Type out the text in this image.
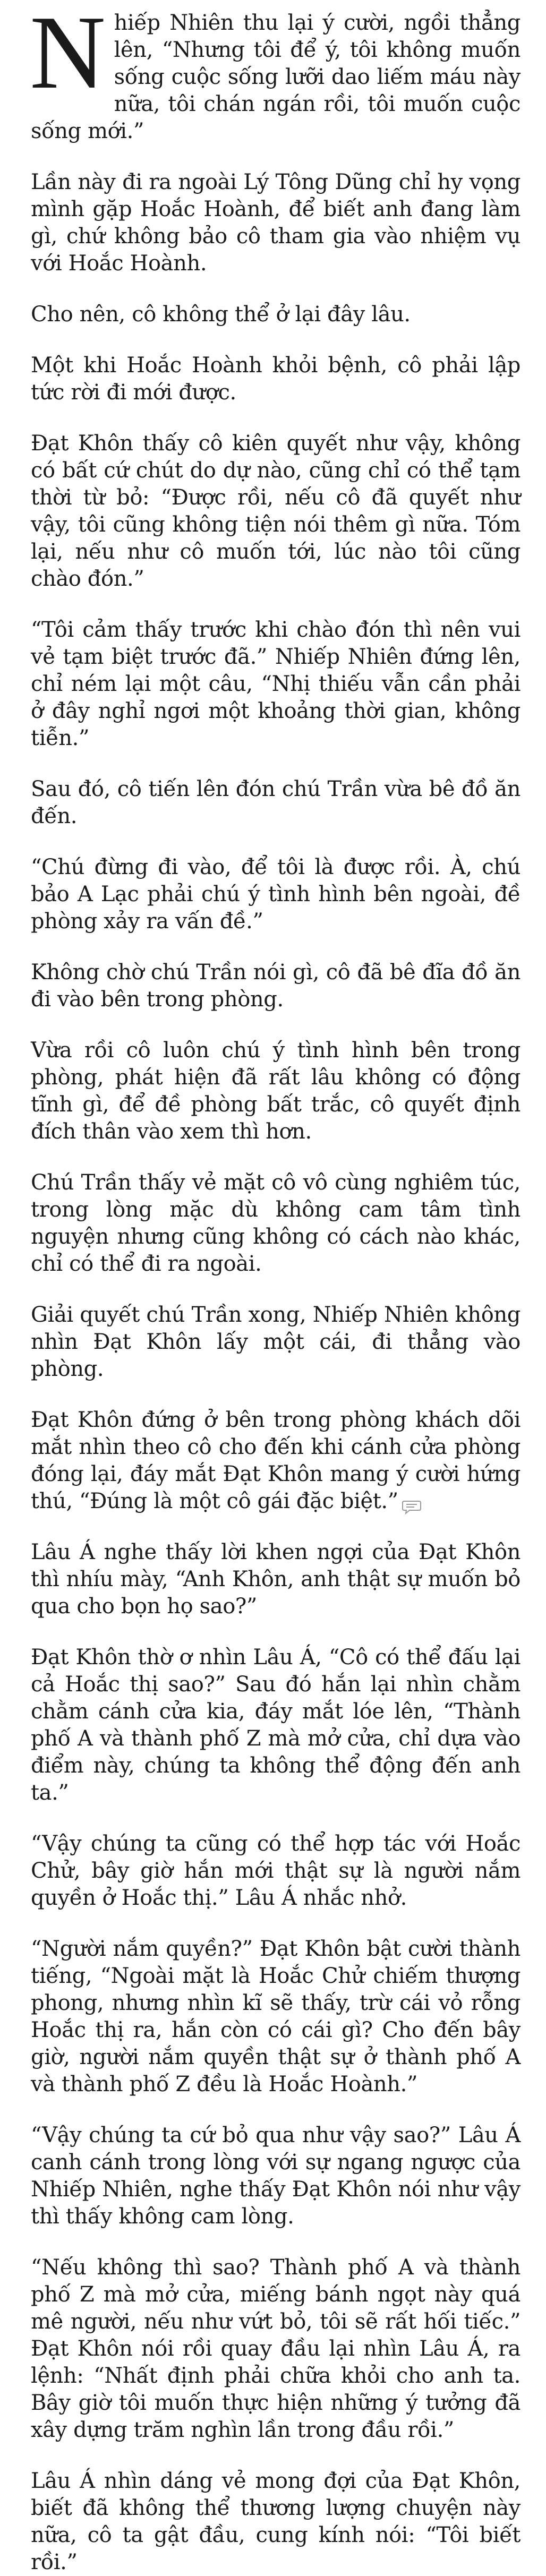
Nhiếp Nhiên thu lại ý cười, ngồi thẳng lên, “Nhưng tôi để ý, tôi không muốn sống cuộc sống lưỡi dao liếm máu này nữa, tôi chán ngán rồi, tôi muốn cuộc sống mới.”

Lần này đi ra ngoài Lý Tông Dũng chỉ hy vọng mình gặp Hoắc Hoành, để biết anh đang làm gì, chứ không bảo cô tham gia vào nhiệm vụ với Hoắc Hoành.

Cho nên, cô không thể ở lại đây lâu.

Một khi Hoắc Hoành khỏi bệnh, cô phải lập tức rời đi mới được.

Đạt Khôn thấy cô kiên quyết như vậy, không có bất cứ chút do dự nào, cũng chỉ có thể tạm thời từ bỏ: “Được rồi, nếu cô đã quyết như vậy, tôi cũng không tiện nói thêm gì nữa. Tóm lại, nếu như cô muốn tới, lúc nào tôi cũng chào đón.”

“Tôi cảm thấy trước khi chào đón thì nên vui vẻ tạm biệt trước đã.” Nhiếp Nhiên đứng lên, chỉ ném lại một câu, “Nhị thiếu vẫn cần phải ở đây nghỉ ngơi một khoảng thời gian, không tiễn.”

Sau đó, cô tiến lên đón chú Trần vừa bê đồ ăn đến.

“Chú đừng đi vào, để tôi là được rồi. À, chú bảo A Lạc phải chú ý tình hình bên ngoài, đề phòng xảy ra vấn đề.”

Không chờ chú Trần nói gì, cô đã bê đĩa đồ ăn đi vào bên trong phòng.

Vừa rồi cô luôn chú ý tình hình bên trong phòng, phát hiện đã rất lâu không có động tĩnh gì, để đề phòng bất trắc, cô quyết định đích thân vào xem thì hơn.

Chú Trần thấy vẻ mặt cô vô cùng nghiêm túc, trong lòng mặc dù không cam tâm tình nguyện nhưng cũng không có cách nào khác, chỉ có thể đi ra ngoài.

Giải quyết chú Trần xong, Nhiếp Nhiên không nhìn Đạt Khôn lấy một cái, đi thẳng vào phòng.

Đạt Khôn đứng ở bên trong phòng khách dõi mắt nhìn theo cô cho đến khi cánh cửa phòng đóng lại, đáy mắt Đạt Khôn mang ý cười hứng thú, “Đúng là một cô gái đặc biệt.”

Lâu Á nghe thấy lời khen ngợi của Đạt Khôn thì nhíu mày, “Anh Khôn, anh thật sự muốn bỏ qua cho bọn họ sao?”

Đạt Khôn thờ ơ nhìn Lâu Á, “Cô có thể đấu lại cả Hoắc thị sao?” Sau đó hắn lại nhìn chằm chằm cánh cửa kia, đáy mắt lóe lên, “Thành phố A và thành phố Z mà mở cửa, chỉ dựa vào điểm này, chúng ta không thể động đến anh ta.”

“Vậy chúng ta cũng có thể hợp tác với Hoắc Chử, bây giờ hắn mới thật sự là người nắm quyền ở Hoắc thị.” Lâu Á nhắc nhở.

“Người nắm quyền?” Đạt Khôn bật cười thành tiếng, “Ngoài mặt là Hoắc Chử chiếm thượng phong, nhưng nhìn kĩ sẽ thấy, trừ cái vỏ rỗng Hoắc thị ra, hắn còn có cái gì? Cho đến bây giờ, người nắm quyền thật sự ở thành phố A và thành phố Z đều là Hoắc Hoành.”

“Vậy chúng ta cứ bỏ qua như vậy sao?” Lâu Á canh cánh trong lòng với sự ngang ngược của Nhiếp Nhiên, nghe thấy Đạt Khôn nói như vậy thì thấy không cam lòng.

“Nếu không thì sao? Thành phố A và thành phố Z mà mở cửa, miếng bánh ngọt này quá mê người, nếu như vứt bỏ, tôi sẽ rất hối tiếc.” Đạt Khôn nói rồi quay đầu lại nhìn Lâu Á, ra lệnh: “Nhất định phải chữa khỏi cho anh ta. Bây giờ tôi muốn thực hiện những ý tưởng đã xây dựng trăm nghìn lần trong đầu rồi.”

Lâu Á nhìn dáng vẻ mong đợi của Đạt Khôn, biết đã không thể thương lượng chuyện này nữa, cô ta gật đầu, cung kính nói: “Tôi biết rồi.”
